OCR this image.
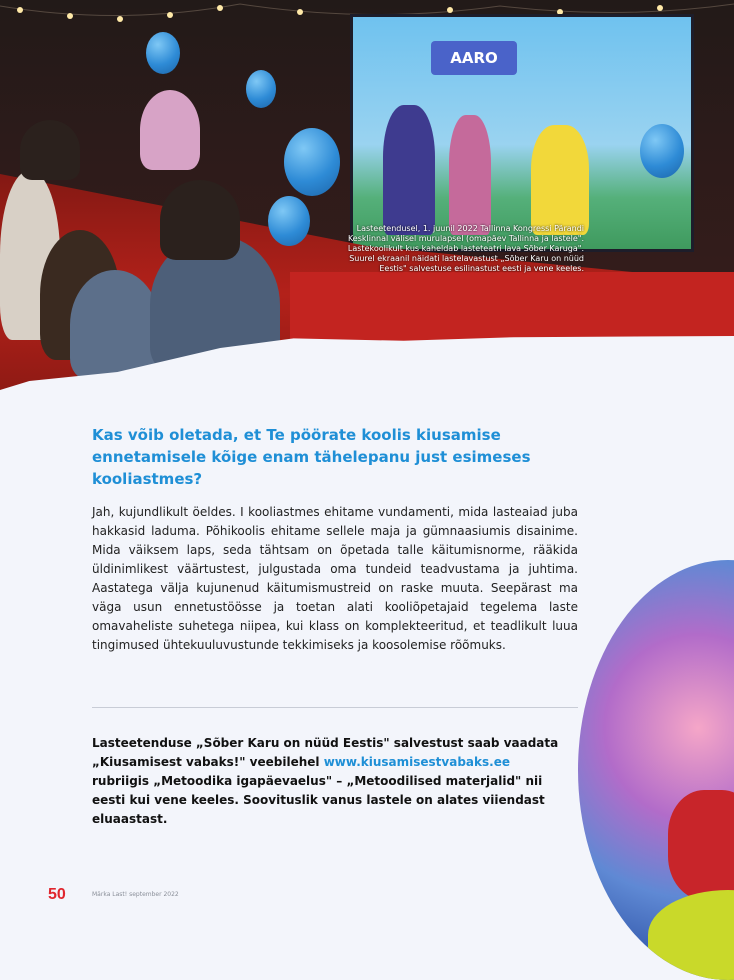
AARO
Lasteetendusel, 1. juunil 2022 Tallinna Kongressi Pärandi Kesklinnal välisel murulapsel (omapäev Tallinna ja lastele". Lastekoolikult kus kaheldab lasteteatri lava Sõber Karuga". Suurel ekraanil näidati lastelavastust „Sõber Karu on nüüd Eestis" salvestuse esilinastust eesti ja vene keeles.
Kas võib oletada, et Te pöörate koolis kiusamise ennetamisele kõige enam tähelepanu just esimeses kooliastmes?

Jah, kujundlikult öeldes. I kooliastmes ehitame vundamenti, mida lasteaiad juba hakkasid laduma. Põhikoolis ehitame sellele maja ja gümnaasiumis disainime. Mida väiksem laps, seda tähtsam on õpetada talle käitumisnorme, rääkida üldinimlikest väärtustest, julgustada oma tundeid teadvustama ja juhtima. Aastatega välja kujunenud käitumismustreid on raske muuta. Seepärast ma väga usun ennetustöösse ja toetan alati kooliõpetajaid tegelema laste omavaheliste suhetega niipea, kui klass on komplekteeritud, et teadlikult luua tingimused ühtekuuluvustunde tekkimiseks ja koosolemise rõõmuks.

Lasteetenduse „Sõber Karu on nüüd Eestis" salvestust saab vaadata „Kiusamisest vabaks!" veebilehel www.kiusamisestvabaks.ee rubriigis „Metoodika igapäevaelus" – „Metoodilised materjalid" nii eesti kui vene keeles. Soovituslik vanus lastele on alates viiendast eluaastast.

50	Märka Last! september 2022
